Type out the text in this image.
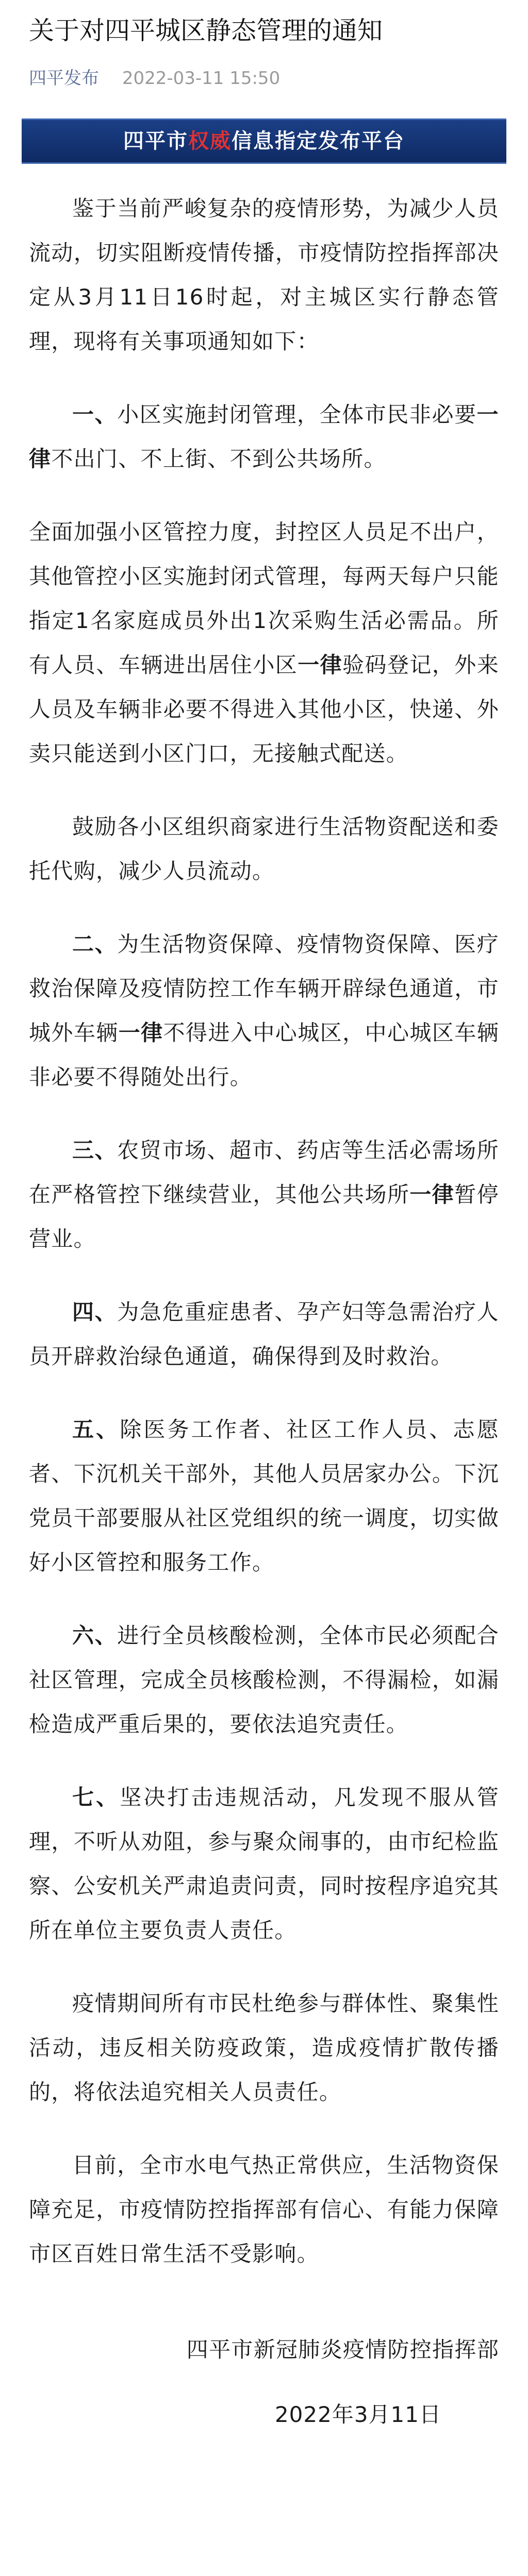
关于对四平城区静态管理的通知
四平发布 2022-03-11 15:50
四平市权威信息指定发布平台

鉴于当前严峻复杂的疫情形势，为减少人员流动，切实阻断疫情传播，市疫情防控指挥部决定从3月11日16时起，对主城区实行静态管理，现将有关事项通知如下：

一、小区实施封闭管理，全体市民非必要一律不出门、不上街、不到公共场所。

全面加强小区管控力度，封控区人员足不出户，其他管控小区实施封闭式管理，每两天每户只能指定1名家庭成员外出1次采购生活必需品。所有人员、车辆进出居住小区一律验码登记，外来人员及车辆非必要不得进入其他小区，快递、外卖只能送到小区门口，无接触式配送。

鼓励各小区组织商家进行生活物资配送和委托代购，减少人员流动。

二、为生活物资保障、疫情物资保障、医疗救治保障及疫情防控工作车辆开辟绿色通道，市城外车辆一律不得进入中心城区，中心城区车辆非必要不得随处出行。

三、农贸市场、超市、药店等生活必需场所在严格管控下继续营业，其他公共场所一律暂停营业。

四、为急危重症患者、孕产妇等急需治疗人员开辟救治绿色通道，确保得到及时救治。

五、除医务工作者、社区工作人员、志愿者、下沉机关干部外，其他人员居家办公。下沉党员干部要服从社区党组织的统一调度，切实做好小区管控和服务工作。

六、进行全员核酸检测，全体市民必须配合社区管理，完成全员核酸检测，不得漏检，如漏检造成严重后果的，要依法追究责任。

七、坚决打击违规活动，凡发现不服从管理，不听从劝阻，参与聚众闹事的，由市纪检监察、公安机关严肃追责问责，同时按程序追究其所在单位主要负责人责任。

疫情期间所有市民杜绝参与群体性、聚集性活动，违反相关防疫政策，造成疫情扩散传播的，将依法追究相关人员责任。

目前，全市水电气热正常供应，生活物资保障充足，市疫情防控指挥部有信心、有能力保障市区百姓日常生活不受影响。

四平市新冠肺炎疫情防控指挥部
2022年3月11日
